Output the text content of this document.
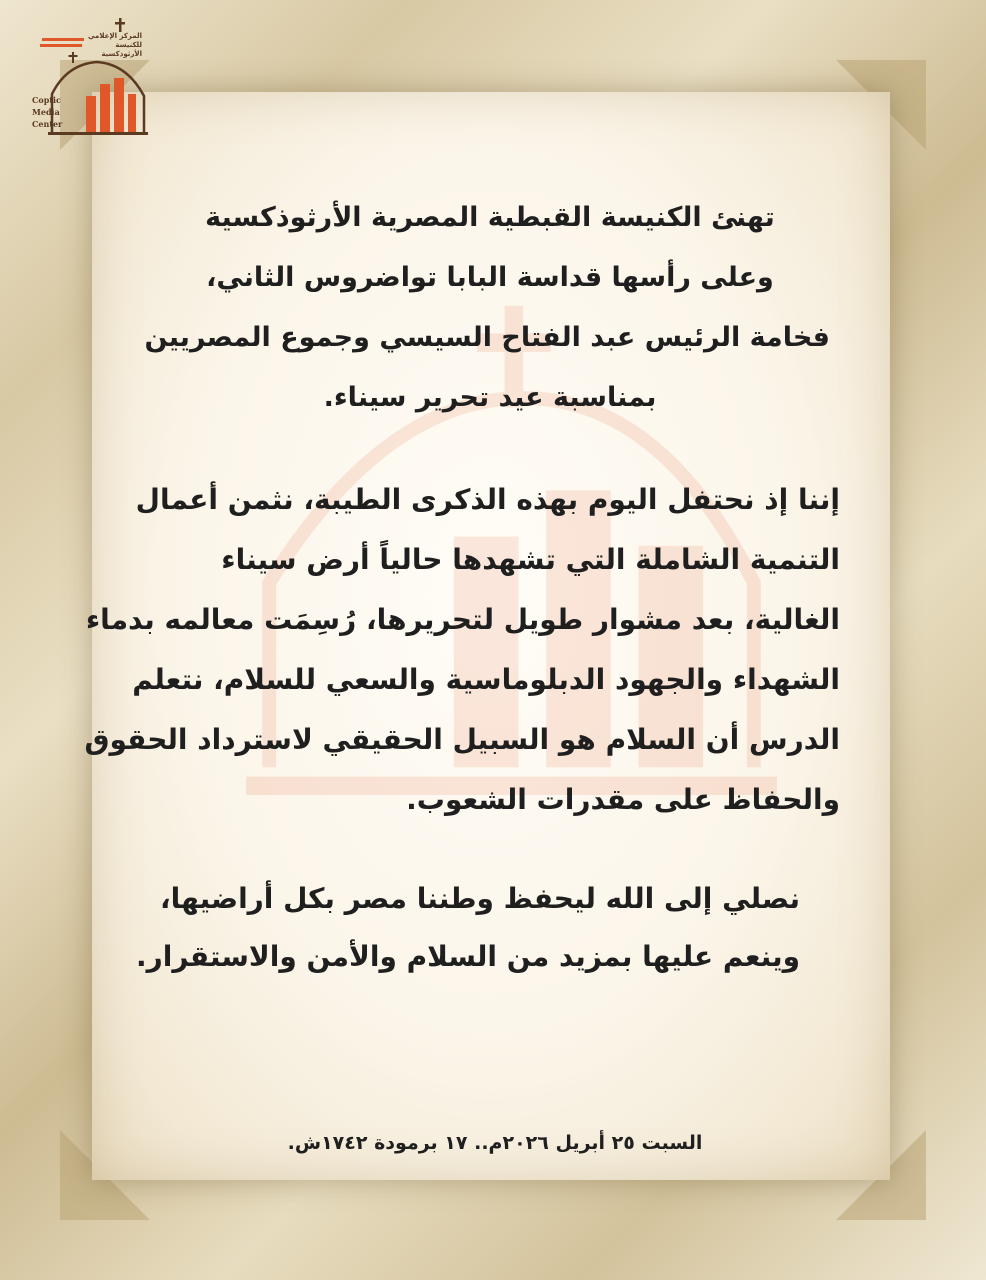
المركز الإعلامي
للكنيسة الأرثوذكسية
Coptic
Media
Center
تهنئ الكنيسة القبطية المصرية الأرثوذكسية
وعلى رأسها قداسة البابا تواضروس الثاني،
فخامة الرئيس عبد الفتاح السيسي وجموع المصريين
بمناسبة عيد تحرير سيناء.
إننا إذ نحتفل اليوم بهذه الذكرى الطيبة، نثمن أعمال
التنمية الشاملة التي تشهدها حالياً أرض سيناء
الغالية، بعد مشوار طويل لتحريرها، رُسِمَت معالمه بدماء
الشهداء والجهود الدبلوماسية والسعي للسلام، نتعلم
الدرس أن السلام هو السبيل الحقيقي لاسترداد الحقوق
والحفاظ على مقدرات الشعوب.
نصلي إلى الله ليحفظ وطننا مصر بكل أراضيها،
وينعم عليها بمزيد من السلام والأمن والاستقرار.
السبت ٢٥ أبريل ٢٠٢٦م.. ١٧ برمودة ١٧٤٢ش.
